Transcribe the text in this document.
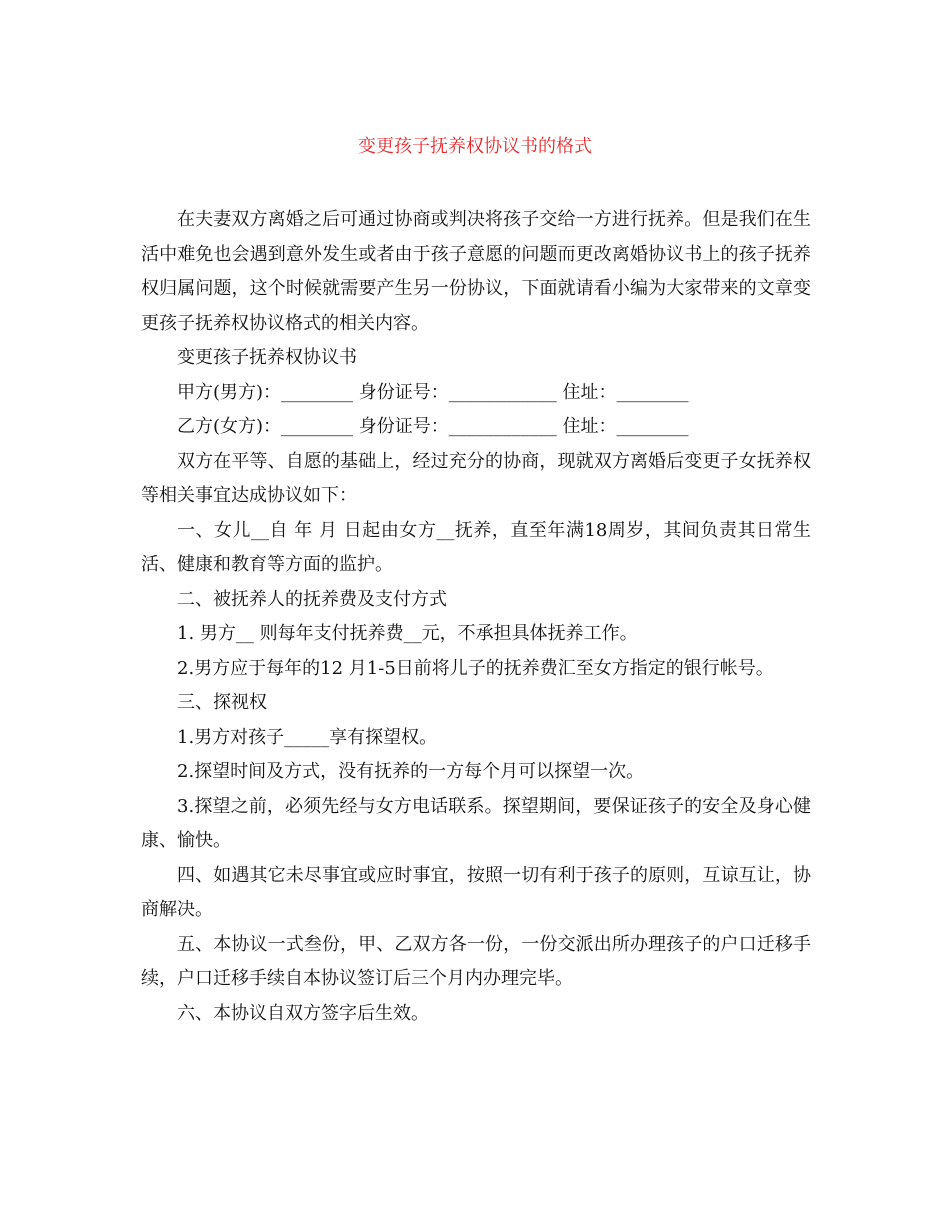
变更孩子抚养权协议书的格式

在夫妻双方离婚之后可通过协商或判决将孩子交给一方进行抚养。但是我们在生活中难免也会遇到意外发生或者由于孩子意愿的问题而更改离婚协议书上的孩子抚养权归属问题，这个时候就需要产生另一份协议，下面就请看小编为大家带来的文章变更孩子抚养权协议格式的相关内容。

变更孩子抚养权协议书

甲方(男方)：________ 身份证号：____________ 住址：________

乙方(女方)：________ 身份证号：____________ 住址：________

双方在平等、自愿的基础上，经过充分的协商，现就双方离婚后变更子女抚养权等相关事宜达成协议如下：

一、女儿__自 年 月 日起由女方__抚养，直至年满18周岁，其间负责其日常生活、健康和教育等方面的监护。

二、被抚养人的抚养费及支付方式

1. 男方__ 则每年支付抚养费__元，不承担具体抚养工作。

2.男方应于每年的12 月1-5日前将儿子的抚养费汇至女方指定的银行帐号。

三、探视权

1.男方对孩子_____享有探望权。

2.探望时间及方式，没有抚养的一方每个月可以探望一次。

3.探望之前，必须先经与女方电话联系。探望期间，要保证孩子的安全及身心健康、愉快。

四、如遇其它未尽事宜或应时事宜，按照一切有利于孩子的原则，互谅互让，协商解决。

五、本协议一式叁份，甲、乙双方各一份，一份交派出所办理孩子的户口迁移手续，户口迁移手续自本协议签订后三个月内办理完毕。

六、本协议自双方签字后生效。
